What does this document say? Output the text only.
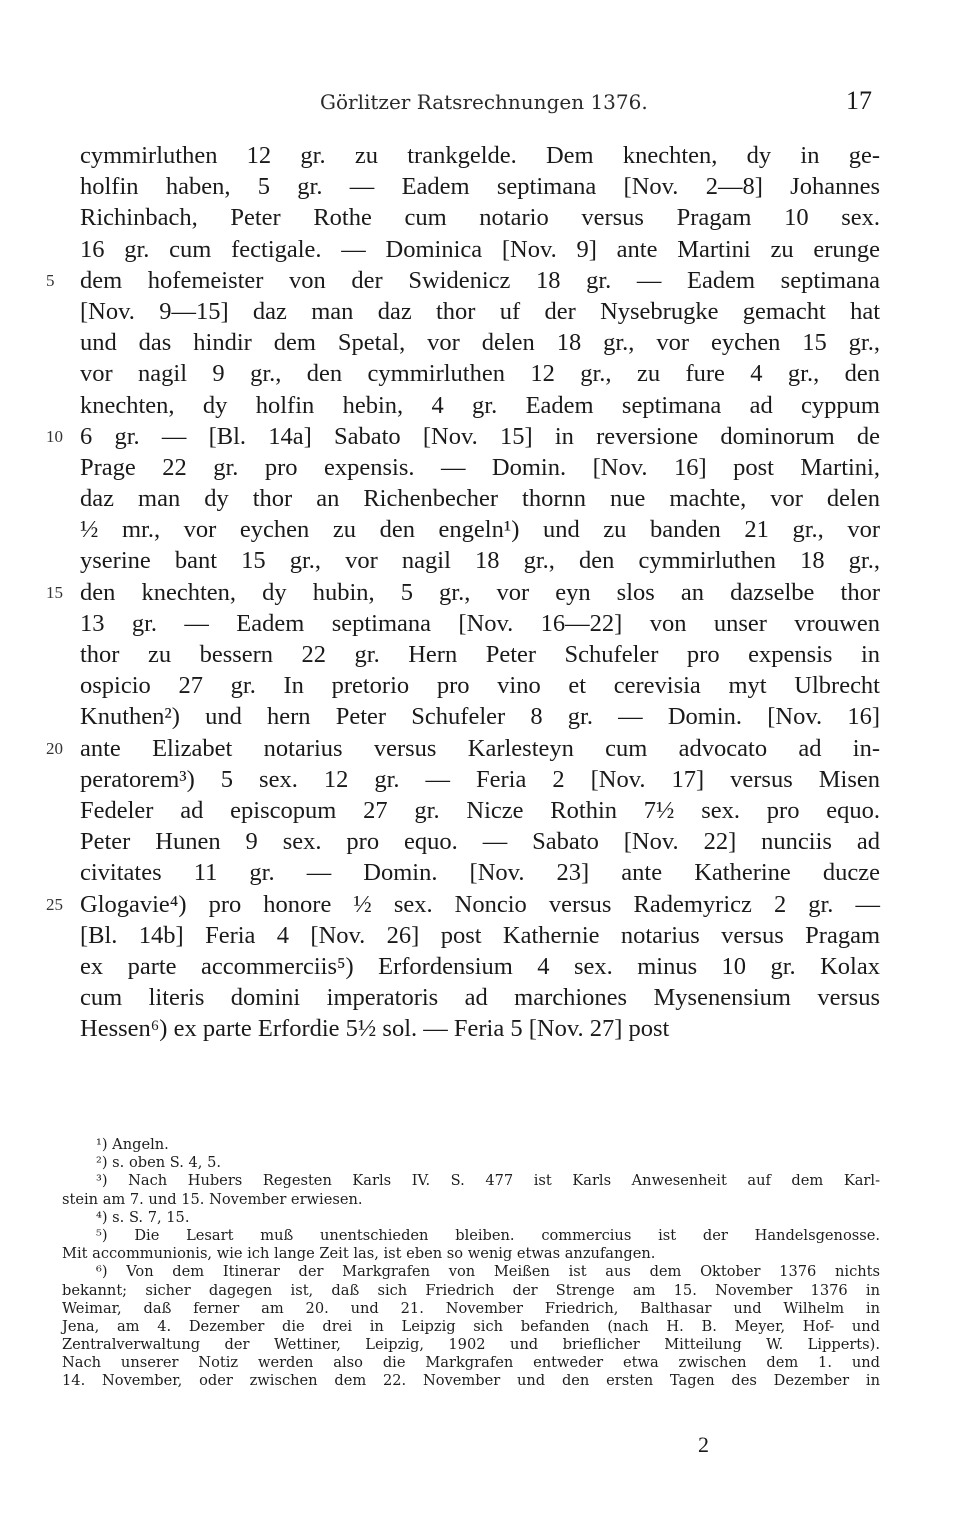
Görlitzer Ratsrechnungen 1376.	17
cymmirluthen 12 gr. zu trankgelde. Dem knechten, dy in ge-
holfin haben, 5 gr. — Eadem septimana [Nov. 2—8] Johannes
Richinbach, Peter Rothe cum notario versus Pragam 10 sex.
16 gr. cum fectigale. — Dominica [Nov. 9] ante Martini zu erunge
5 dem hofemeister von der Swidenicz 18 gr. — Eadem septimana
[Nov. 9—15] daz man daz thor uf der Nysebrugke gemacht hat
und das hindir dem Spetal, vor delen 18 gr., vor eychen 15 gr.,
vor nagil 9 gr., den cymmirluthen 12 gr., zu fure 4 gr., den
knechten, dy holfin hebin, 4 gr. Eadem septimana ad cyppum
10 6 gr. — [Bl. 14a] Sabato [Nov. 15] in reversione dominorum de
Prage 22 gr. pro expensis. — Domin. [Nov. 16] post Martini,
daz man dy thor an Richenbecher thornn nue machte, vor delen
½ mr., vor eychen zu den engeln¹) und zu banden 21 gr., vor
yserine bant 15 gr., vor nagil 18 gr., den cymmirluthen 18 gr.,
15 den knechten, dy hubin, 5 gr., vor eyn slos an dazselbe thor
13 gr. — Eadem septimana [Nov. 16—22] von unser vrouwen
thor zu bessern 22 gr. Hern Peter Schufeler pro expensis in
ospicio 27 gr. In pretorio pro vino et cerevisia myt Ulbrecht
Knuthen²) und hern Peter Schufeler 8 gr. — Domin. [Nov. 16]
20 ante Elizabet notarius versus Karlesteyn cum advocato ad in-
peratorem³) 5 sex. 12 gr. — Feria 2 [Nov. 17] versus Misen
Fedeler ad episcopum 27 gr. Nicze Rothin 7½ sex. pro equo.
Peter Hunen 9 sex. pro equo. — Sabato [Nov. 22] nunciis ad
civitates 11 gr. — Domin. [Nov. 23] ante Katherine ducze
25 Glogavie⁴) pro honore ½ sex. Noncio versus Rademyricz 2 gr. —
[Bl. 14b] Feria 4 [Nov. 26] post Kathernie notarius versus Pragam
ex parte accommerciis⁵) Erfordensium 4 sex. minus 10 gr. Kolax
cum literis domini imperatoris ad marchiones Mysenensium versus
Hessen⁶) ex parte Erfordie 5½ sol. — Feria 5 [Nov. 27] post
¹) Angeln.
²) s. oben S. 4, 5.
³) Nach Hubers Regesten Karls IV. S. 477 ist Karls Anwesenheit auf dem Karl-
stein am 7. und 15. November erwiesen.
⁴) s. S. 7, 15.
⁵) Die Lesart muß unentschieden bleiben. commercius ist der Handelsgenosse.
Mit accommunionis, wie ich lange Zeit las, ist eben so wenig etwas anzufangen.
⁶) Von dem Itinerar der Markgrafen von Meißen ist aus dem Oktober 1376 nichts
bekannt; sicher dagegen ist, daß sich Friedrich der Strenge am 15. November 1376 in
Weimar, daß ferner am 20. und 21. November Friedrich, Balthasar und Wilhelm in
Jena, am 4. Dezember die drei in Leipzig sich befanden (nach H. B. Meyer, Hof- und
Zentralverwaltung der Wettiner, Leipzig, 1902 und brieflicher Mitteilung W. Lipperts).
Nach unserer Notiz werden also die Markgrafen entweder etwa zwischen dem 1. und
14. November, oder zwischen dem 22. November und den ersten Tagen des Dezember in
2
